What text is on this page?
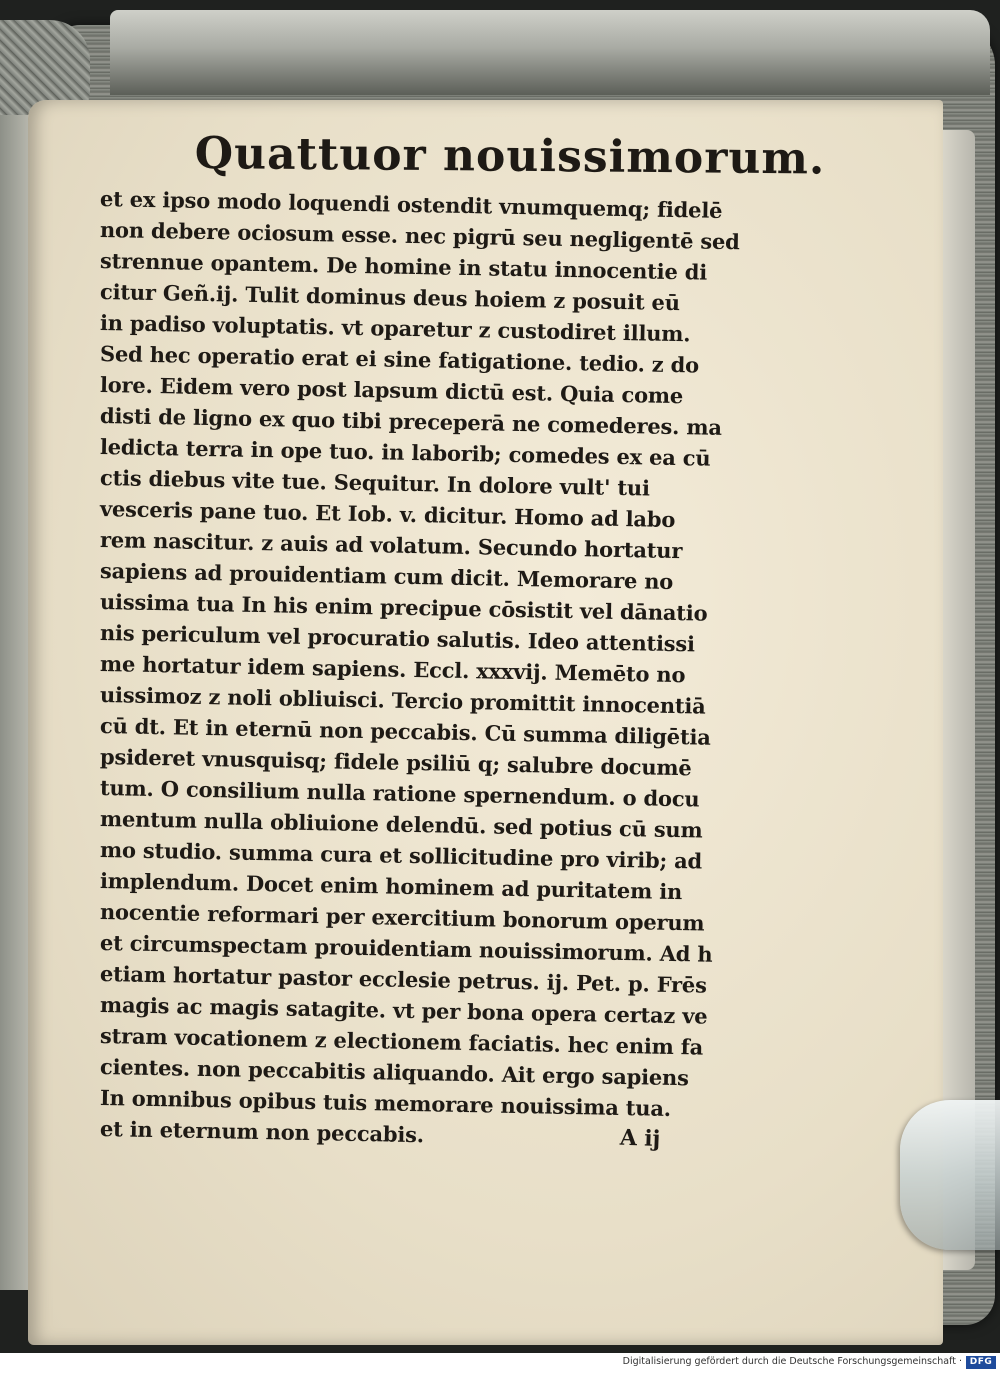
Quattuor nouissimorum.
et ex ipso modo loquendi ostendit vnumquemq; fidelē
non debere ociosum esse. nec pigrū seu negligentē sed
strennue opantem. De homine in statu innocentie di
citur Geñ.ij. Tulit dominus deus hoiem z posuit eū
in padiso voluptatis. vt oparetur z custodiret illum.
Sed hec operatio erat ei sine fatigatione. tedio. z do
lore. Eidem vero post lapsum dictū est. Quia come
disti de ligno ex quo tibi preceperā ne comederes. ma
ledicta terra in ope tuo. in laborib; comedes ex ea cū
ctis diebus vite tue. Sequitur. In dolore vult' tui
vesceris pane tuo. Et Iob. v. dicitur. Homo ad labo
rem nascitur. z auis ad volatum. Secundo hortatur
sapiens ad prouidentiam cum dicit. Memorare no
uissima tua In his enim precipue cōsistit vel dānatio
nis periculum vel procuratio salutis. Ideo attentissi
me hortatur idem sapiens. Eccl. xxxvij. Memēto no
uissimoz z noli obliuisci. Tercio promittit innocentiā
cū dt. Et in eternū non peccabis. Cū summa diligētia
psideret vnusquisq; fidele psiliū q; salubre documē
tum. O consilium nulla ratione spernendum. o docu
mentum nulla obliuione delendū. sed potius cū sum
mo studio. summa cura et sollicitudine pro virib; ad
implendum. Docet enim hominem ad puritatem in
nocentie reformari per exercitium bonorum operum
et circumspectam prouidentiam nouissimorum. Ad h
etiam hortatur pastor ecclesie petrus. ij. Pet. p. Frēs
magis ac magis satagite. vt per bona opera certaz ve
stram vocationem z electionem faciatis. hec enim fa
cientes. non peccabitis aliquando. Ait ergo sapiens
In omnibus opibus tuis memorare nouissima tua.
et in eternum non peccabis.	A ij
Digitalisierung gefördert durch die Deutsche Forschungsgemeinschaft · DFG
